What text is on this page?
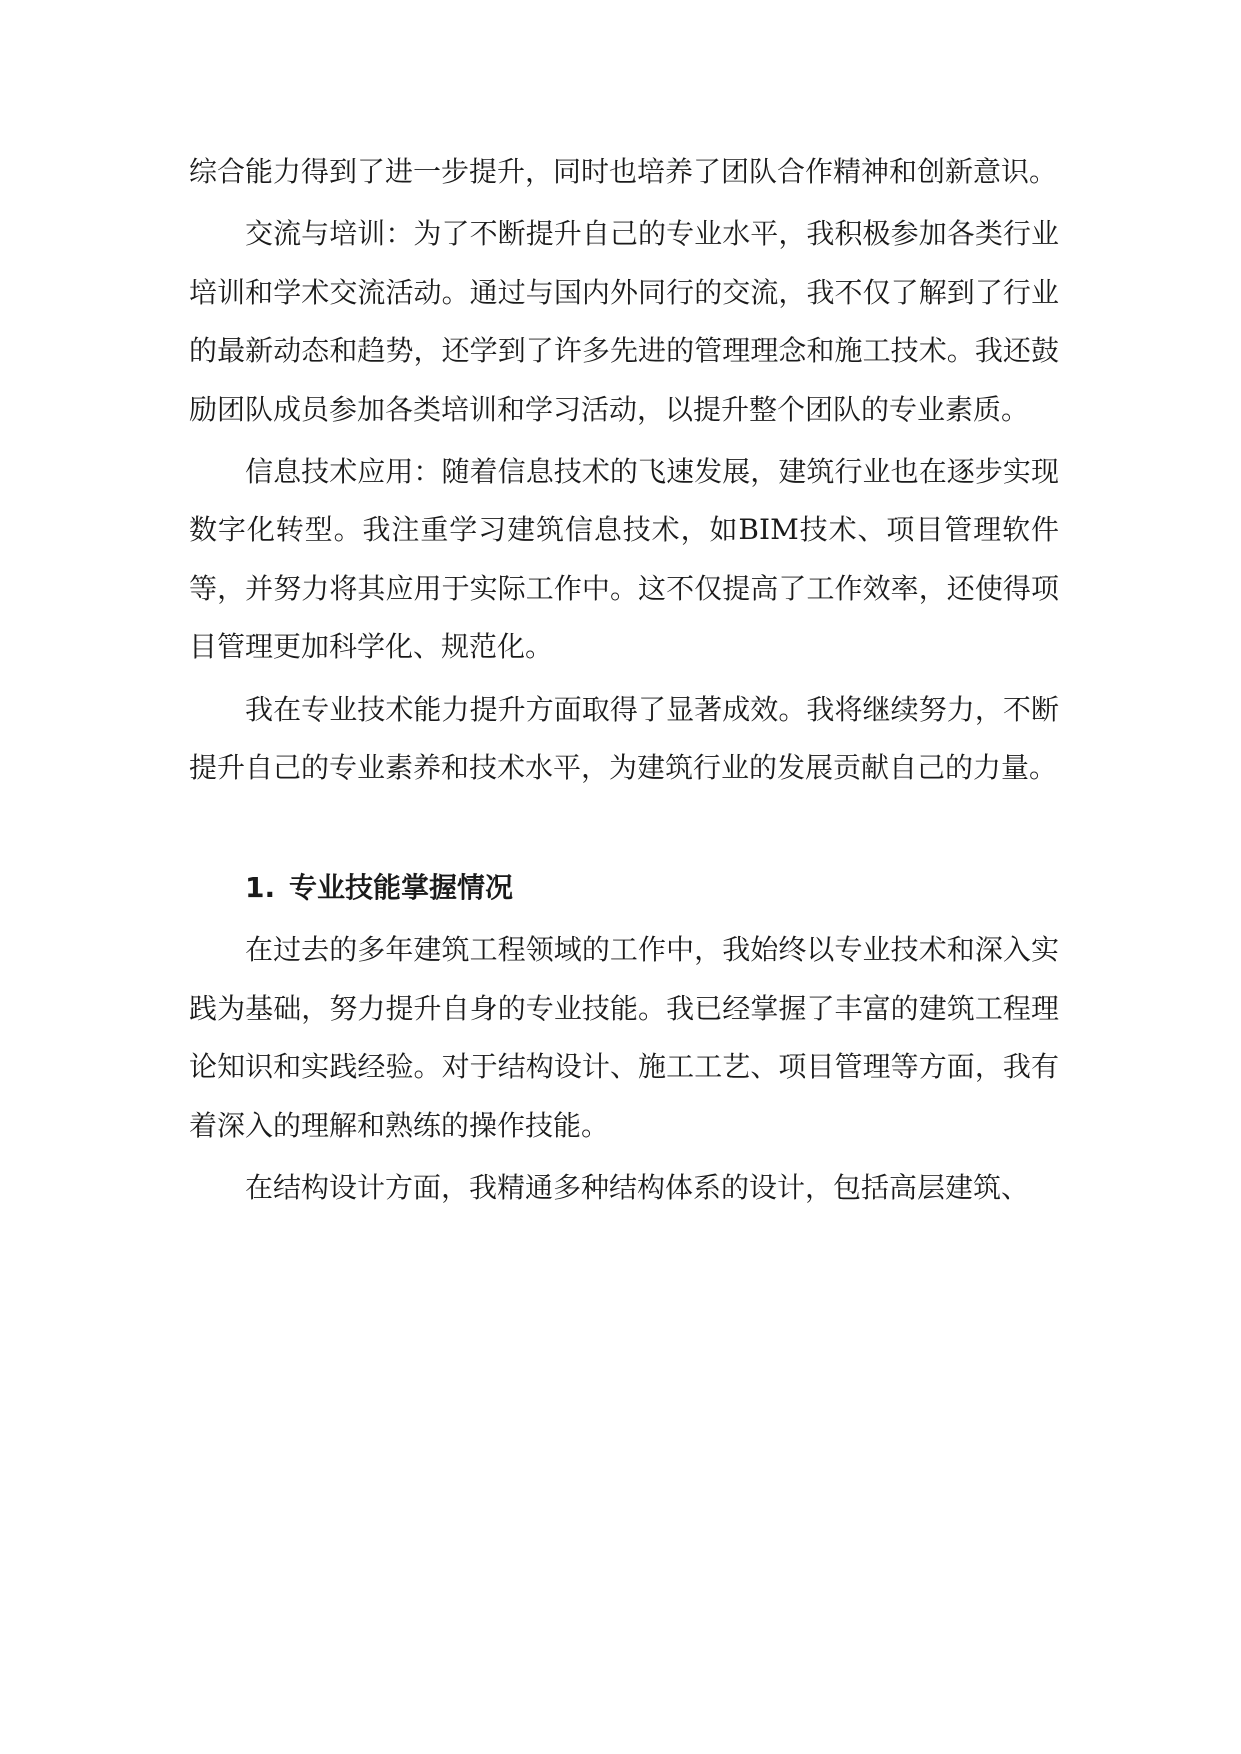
综合能力得到了进一步提升，同时也培养了团队合作精神和创新意识。

交流与培训：为了不断提升自己的专业水平，我积极参加各类行业培训和学术交流活动。通过与国内外同行的交流，我不仅了解到了行业的最新动态和趋势，还学到了许多先进的管理理念和施工技术。我还鼓励团队成员参加各类培训和学习活动，以提升整个团队的专业素质。

信息技术应用：随着信息技术的飞速发展，建筑行业也在逐步实现数字化转型。我注重学习建筑信息技术，如BIM技术、项目管理软件等，并努力将其应用于实际工作中。这不仅提高了工作效率，还使得项目管理更加科学化、规范化。

我在专业技术能力提升方面取得了显著成效。我将继续努力，不断提升自己的专业素养和技术水平，为建筑行业的发展贡献自己的力量。

1. 专业技能掌握情况

在过去的多年建筑工程领域的工作中，我始终以专业技术和深入实践为基础，努力提升自身的专业技能。我已经掌握了丰富的建筑工程理论知识和实践经验。对于结构设计、施工工艺、项目管理等方面，我有着深入的理解和熟练的操作技能。

在结构设计方面，我精通多种结构体系的设计，包括高层建筑、
